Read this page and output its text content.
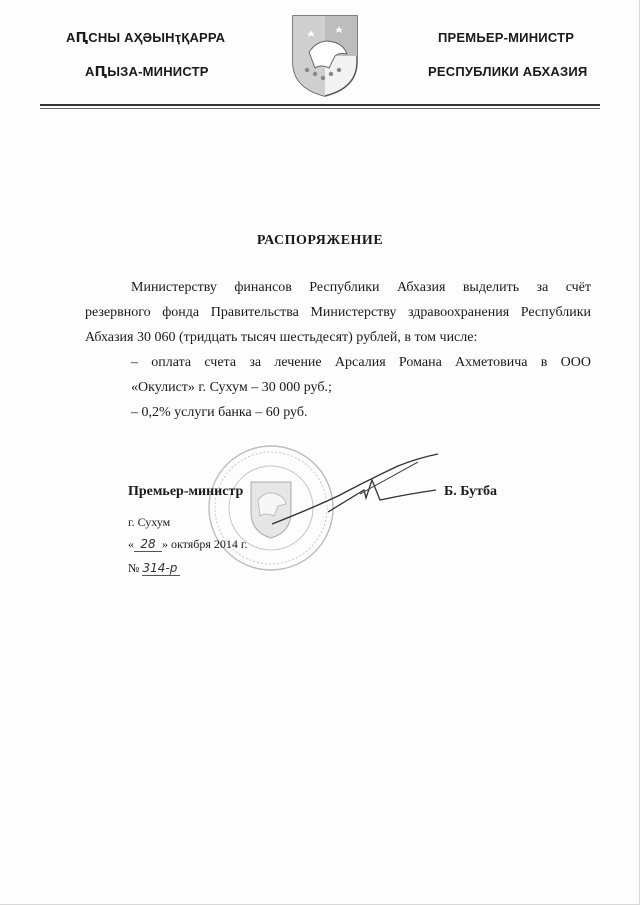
АԤСНЫ АҲӘЫНҭҚАРРА
АԤЫЗА-МИНИСТР
ПРЕМЬЕР-МИНИСТР
РЕСПУБЛИКИ АБХАЗИЯ
РАСПОРЯЖЕНИЕ
Министерству финансов Республики Абхазия выделить за счёт
резервного фонда Правительства Министерству здравоохранения Республики
Абхазия 30 060 (тридцать тысяч шестьдесят) рублей, в том числе:
– оплата счета за лечение Арсалия Романа Ахметовича в ООО
«Окулист» г. Сухум – 30 000 руб.;
– 0,2% услуги банка – 60 руб.
Премьер-министр	Б. Бутба
г. Сухум
« 28 » октября 2014 г.
№ 314-р
